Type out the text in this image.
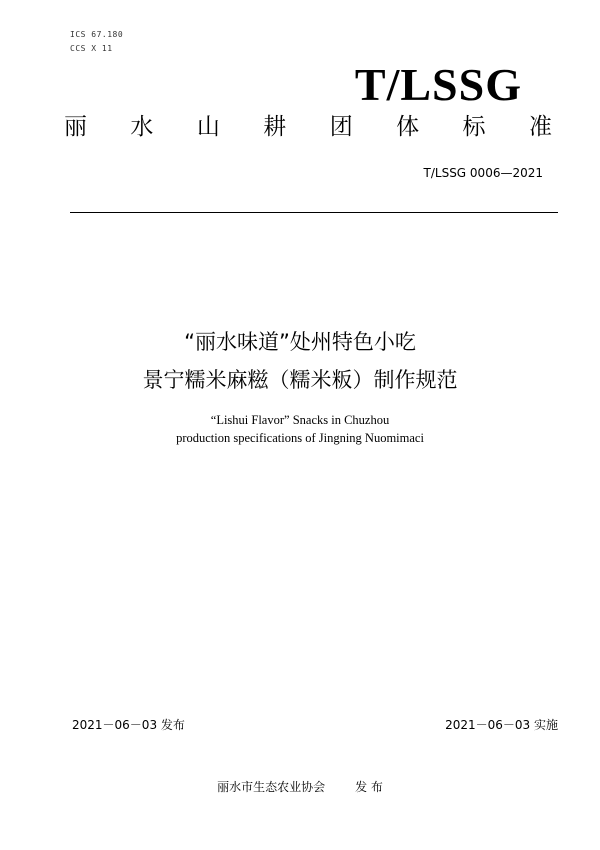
ICS 67.180
CCS X 11
T/LSSG
丽 水 山 耕 团 体 标 准
T/LSSG 0006—2021
“丽水味道”处州特色小吃
景宁糯米麻糍（糯米粄）制作规范
“Lishui Flavor” Snacks in Chuzhou
production specifications of Jingning Nuomimaci
2021－06－03 发布	2021－06－03 实施
丽水市生态农业协会	发 布
